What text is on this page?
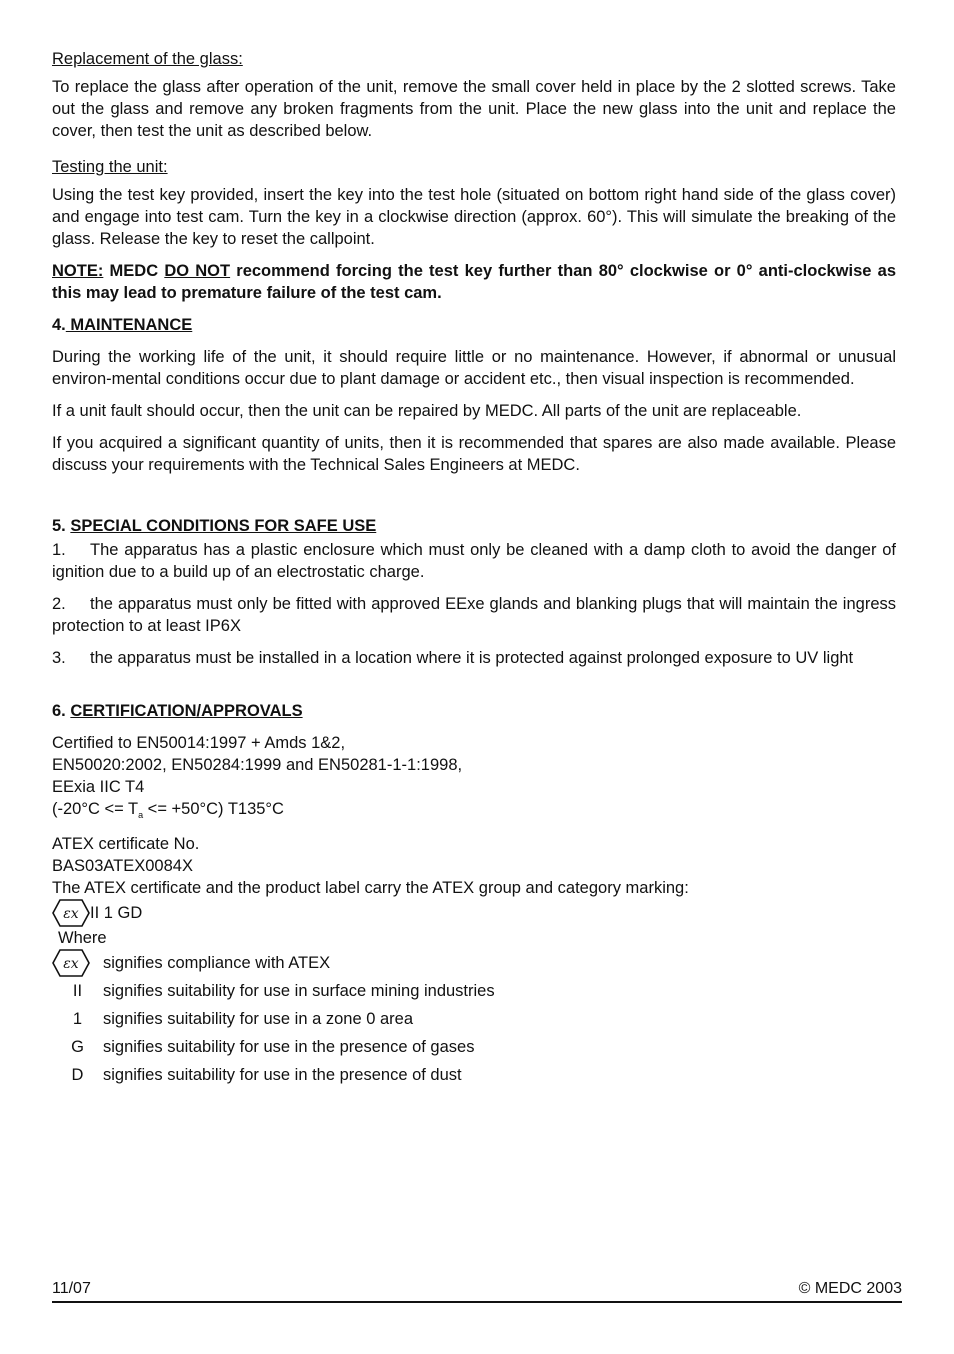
Replacement of the glass:

To replace the glass after operation of the unit, remove the small cover held in place by the 2 slotted screws. Take out the glass and remove any broken fragments from the unit. Place the new glass into the unit and replace the cover, then test the unit as described below.

Testing the unit:

Using the test key provided, insert the key into the test hole (situated on bottom right hand side of the glass cover) and engage into test cam. Turn the key in a clockwise direction (approx. 60°). This will simulate the breaking of the glass. Release the key to reset the callpoint.

NOTE: MEDC DO NOT recommend forcing the test key further than 80° clockwise or 0° anti-clockwise as this may lead to premature failure of the test cam.

4. MAINTENANCE

During the working life of the unit, it should require little or no maintenance. However, if abnormal or unusual environ-mental conditions occur due to plant damage or accident etc., then visual inspection is recommended.

If a unit fault should occur, then the unit can be repaired by MEDC. All parts of the unit are replaceable.

If you acquired a significant quantity of units, then it is recommended that spares are also made available. Please discuss your requirements with the Technical Sales Engineers at MEDC.

5. SPECIAL CONDITIONS FOR SAFE USE

1. The apparatus has a plastic enclosure which must only be cleaned with a damp cloth to avoid the danger of ignition due to a build up of an electrostatic charge.

2. the apparatus must only be fitted with approved EExe glands and blanking plugs that will maintain the ingress protection to at least IP6X

3. the apparatus must be installed in a location where it is protected against prolonged exposure to UV light

6. CERTIFICATION/APPROVALS

Certified to EN50014:1997 + Amds 1&2,
EN50020:2002, EN50284:1999 and EN50281-1-1:1998,
EExia IIC T4
$(-20^\circ C <= T_a <= +50^\circ C)$ T135°C

ATEX certificate No.
BAS03ATEX0084X
The ATEX certificate and the product label carry the ATEX group and category marking:

εx II 1 GD

Where

εx signifies compliance with ATEX
II	signifies suitability for use in surface mining industries
1	signifies suitability for use in a zone 0 area
G	signifies suitability for use in the presence of gases
D	signifies suitability for use in the presence of dust
11/07	© MEDC 2003
